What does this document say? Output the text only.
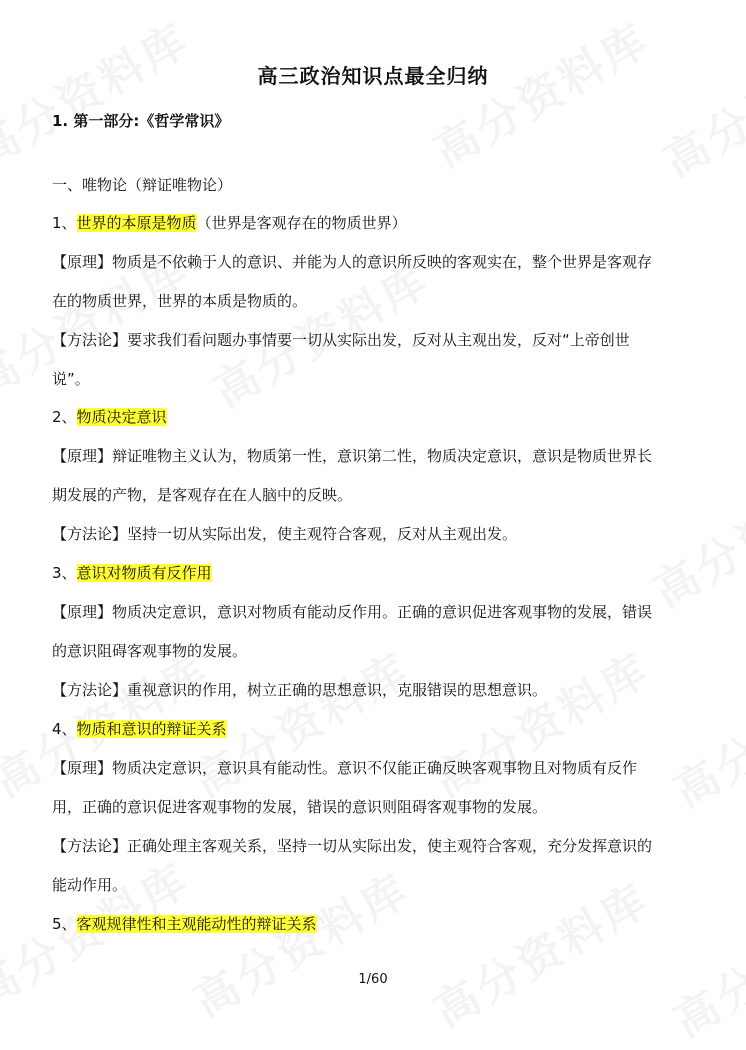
高三政治知识点最全归纳
1. 第一部分:《哲学常识》
一、唯物论（辩证唯物论）
1、世界的本原是物质（世界是客观存在的物质世界）
【原理】物质是不依赖于人的意识、并能为人的意识所反映的客观实在，整个世界是客观存
在的物质世界，世界的本质是物质的。
【方法论】要求我们看问题办事情要一切从实际出发，反对从主观出发，反对“上帝创世
说”。
2、物质决定意识
【原理】辩证唯物主义认为，物质第一性，意识第二性，物质决定意识，意识是物质世界长
期发展的产物，是客观存在在人脑中的反映。
【方法论】坚持一切从实际出发，使主观符合客观，反对从主观出发。
3、意识对物质有反作用
【原理】物质决定意识，意识对物质有能动反作用。正确的意识促进客观事物的发展，错误
的意识阻碍客观事物的发展。
【方法论】重视意识的作用，树立正确的思想意识，克服错误的思想意识。
4、物质和意识的辩证关系
【原理】物质决定意识，意识具有能动性。意识不仅能正确反映客观事物且对物质有反作
用，正确的意识促进客观事物的发展，错误的意识则阻碍客观事物的发展。
【方法论】正确处理主客观关系，坚持一切从实际出发，使主观符合客观，充分发挥意识的
能动作用。
5、客观规律性和主观能动性的辩证关系
1/60
